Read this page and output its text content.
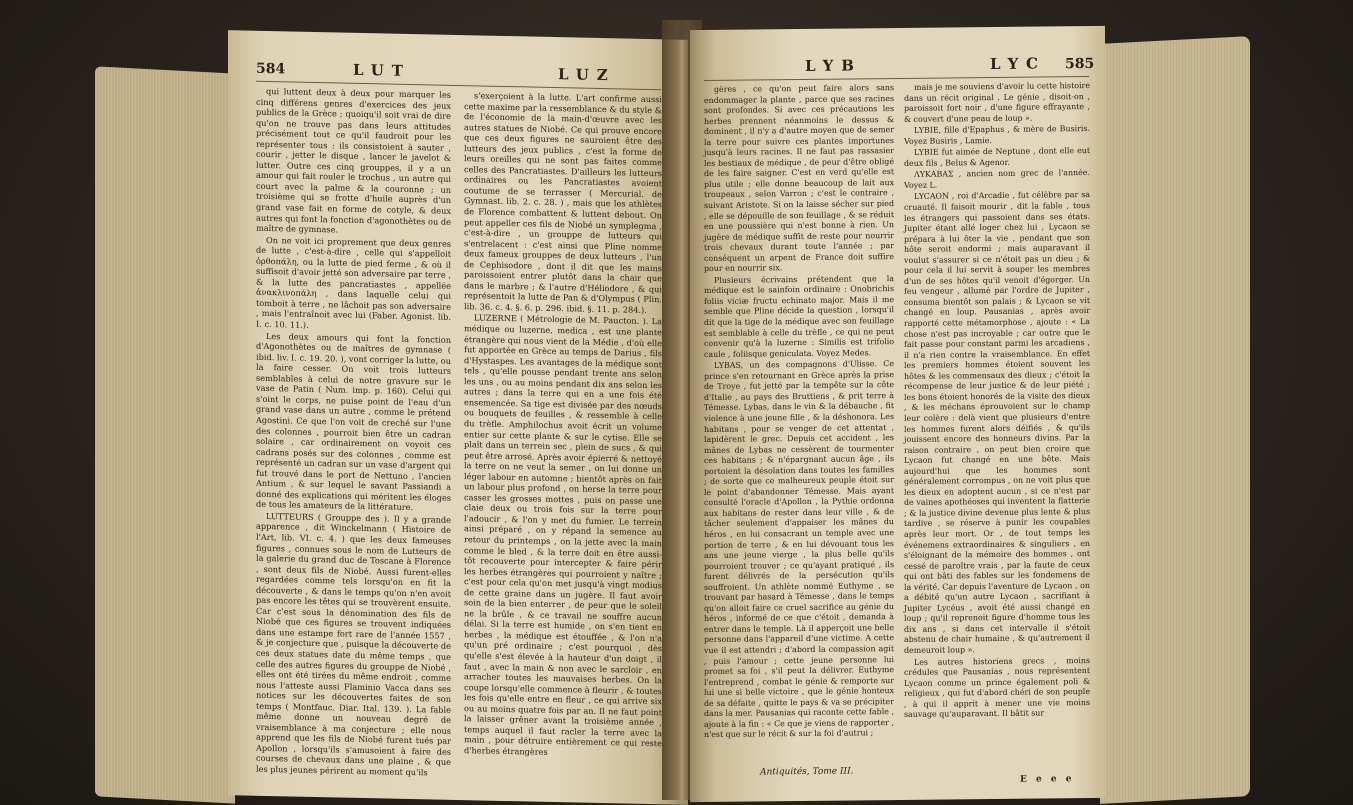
584	LUT	LUZ

qui luttent deux à deux pour marquer les cinq différens genres d'exercices des jeux publics de la Grèce ; quoiqu'il soit vrai de dire qu'on ne trouve pas dans leurs attitudes précisément tout ce qu'il faudroit pour les représenter tous : ils consistoient à sauter , courir , jetter le disque , lancer le javelot & lutter. Outre ces cinq grouppes, il y a un amour qui fait rouler le trochus , un autre qui court avec la palme & la couronne ; un troisième qui se frotte d'huile auprès d'un grand vase fait en forme de cotyle, & deux autres qui font la fonction d'agonothètes ou de maître de gymnase.

On ne voit ici proprement que deux genres de lutte , c'est-à-dire , celle qui s'appelloit ὀρθοπάλη, ou la lutte de pied ferme , & où il suffisoit d'avoir jetté son adversaire par terre , & la lutte des pancratiastes , appellée ἀνακλινοπάλη , dans laquelle celui qui tomboit à terre , ne lâchoit pas son adversaire , mais l'entraînoit avec lui (Faber. Agonist. lib. I. c. 10. 11.).

Les deux amours qui font la fonction d'Agonothètes ou de maîtres de gymnase ( ibid. liv. I. c. 19. 20. ), vont corriger la lutte, ou la faire cesser. On voit trois lutteurs semblables à celui de notre gravure sur le vase de Patin ( Num. imp. p. 160). Celui qui s'oint le corps, ne puise point de l'eau d'un grand vase dans un autre , comme le prétend Agostini. Ce que l'on voit de creché sur l'une des colonnes , pourroit bien être un cadran solaire , car ordinairement on voyoit ces cadrans posés sur des colonnes , comme est représenté un cadran sur un vase d'argent qui fut trouvé dans le port de Nettuno , l'ancien Antium , & sur lequel le savant Passiandi a donné des explications qui méritent les éloges de tous les amateurs de la littérature.

LUTTEURS ( Grouppe des ). Il y a grande apparence , dit Winckelmann ( Histoire de l'Art, lib. VI. c. 4. ) que les deux fameuses figures , connues sous le nom de Lutteurs de la galerie du grand duc de Toscane à Florence , sont deux fils de Niobé. Aussi furent-elles regardées comme tels lorsqu'on en fit la découverte , & dans le temps qu'on n'en avoit pas encore les têtes qui se trouvèrent ensuite. Car c'est sous la dénomination des fils de Niobé que ces figures se trouvent indiquées dans une estampe fort rare de l'année 1557 , & je conjecture que , puisque la découverte de ces deux statues date du même temps , que celle des autres figures du grouppe de Niobé , elles ont été tirées du même endroit , comme nous l'atteste aussi Flaminio Vacca dans ses notices sur les découvertes faites de son temps ( Montfauc. Diar. Ital. 139. ). La fable même donne un nouveau degré de vraisemblance à ma conjecture ; elle nous apprend que les fils de Niobé furent tués par Apollon , lorsqu'ils s'amusoient à faire des courses de chevaux dans une plaine , & que les plus jeunes périrent au moment qu'ils

s'exerçoient à la lutte. L'art confirme aussi cette maxime par la ressemblance & du style & de l'économie de la main-d'œuvre avec les autres statues de Niobé. Ce qui prouve encore que ces deux figures ne sauroient être des lutteurs des jeux publics , c'est la forme de leurs oreilles qui ne sont pas faites comme celles des Pancratiastes. D'ailleurs les lutteurs ordinaires ou les Pancratiastes avoient coutume de se terrasser ( Mercurial. de Gymnast. lib. 2. c. 28. ) , mais que les athlètes de Florence combattent & luttent debout. On peut appeller ces fils de Niobé un symplegma , c'est-à-dire , un grouppe de lutteurs qui s'entrelacent : c'est ainsi que Pline nomme deux fameux grouppes de deux lutteurs , l'un de Cephisodore , dont il dit que les mains paroissoient entrer plutôt dans la chair que dans le marbre ; & l'autre d'Héliodore , & qui représentoit la lutte de Pan & d'Olympus ( Plin. lib. 36. c. 4. §. 6. p. 296. ibid. §. 11. p. 284.).

LUZERNE ( Métrologie de M. Paucton. ). La médique ou luzerne, medica , est une plante étrangère qui nous vient de la Médie , d'où elle fut apportée en Grèce au temps de Darius , fils d'Hystaspes. Les avantages de la médique sont tels , qu'elle pousse pendant trente ans selon les uns , ou au moins pendant dix ans selon les autres ; dans la terre qui en a une fois été ensemencée. Sa tige est divisée par des nœuds ou bouquets de feuilles , & ressemble à celle du trèfle. Amphilochus avoit écrit un volume entier sur cette plante & sur le cytise. Elle se plaît dans un terrein sec , plein de sucs , & qui peut être arrosé. Après avoir épierré & nettoyé la terre on ne veut la semer , on lui donne un léger labour en automne ; bientôt après on fait un labour plus profond , on herse la terre pour casser les grosses mottes , puis on passe une claie deux ou trois fois sur la terre pour l'adoucir , & l'on y met du fumier. Le terrein ainsi préparé , on y répand la semence au retour du printemps , on la jette avec la main comme le bled , & la terre doit en être aussi-tôt recouverte pour intercepter & faire périr les herbes étrangères qui pourroient y naître ; c'est pour cela qu'on met jusqu'à vingt modius de cette graine dans un jugère. Il faut avoir soin de la bien enterrer , de peur que le soleil ne la brûle , & ce travail ne souffre aucun délai. Si la terre est humide , on s'en tient en herbes , la médique est étouffée , & l'on n'a qu'un pré ordinaire ; c'est pourquoi , dès qu'elle s'est élevée à la hauteur d'un doigt , il faut , avec la main & non avec le sarcloir , en arracher toutes les mauvaises herbes. On la coupe lorsqu'elle commence à fleurir , & toutes les fois qu'elle entre en fleur , ce qui arrive six ou au moins quatre fois par an. Il ne faut point la laisser grêner avant la troisième année , temps auquel il faut racler la terre avec la main , pour détruire entièrement ce qui reste d'herbes étrangères

LYB	LYC 585

gères , ce qu'on peut faire alors sans endommager la plante , parce que ses racines sont profondes. Si avec ces précautions les herbes prennent néanmoins le dessus & dominent , il n'y a d'autre moyen que de semer la terre pour suivre ces plantes importunes jusqu'à leurs racines. Il ne faut pas rassasier les bestiaux de médique , de peur d'être obligé de les faire saigner. C'est en verd qu'elle est plus utile ; elle donne beaucoup de lait aux troupeaux , selon Varron ; c'est le contraire , suivant Aristote. Si on la laisse sécher sur pied , elle se dépouille de son feuillage , & se réduit en une poussière qui n'est bonne à rien. Un jugère de médique suffit de reste pour nourrir trois chevaux durant toute l'année ; par conséquent un arpent de France doit suffire pour en nourrir six.

Plusieurs écrivains prétendent que la médique est le sainfoin ordinaire : Onobrichis foliis viciæ fructu echinato major. Mais il me semble que Pline décide la question , lorsqu'il dit que la tige de la médique avec son feuillage est semblable à celle du trèfle , ce qui ne peut convenir qu'à la luzerne : Similis est trifolio caule , foliisque geniculata. Voyez Medes.

LYBAS, un des compagnons d'Ulisse. Ce prince s'en retournant en Grèce après la prise de Troye , fut jetté par la tempête sur la côte d'Italie , au pays des Bruttiens , & prit terre à Témesse. Lybas, dans le vin & la débauche , fit violence à une jeune fille , & la déshonora. Les habitans , pour se venger de cet attentat , lapidèrent le grec. Depuis cet accident , les mânes de Lybas ne cessèrent de tourmenter ces habitans ; & n'épargnant aucun âge , ils portoient la désolation dans toutes les familles ; de sorte que ce malheureux peuple étoit sur le point d'abandonner Témesse. Mais ayant consulté l'oracle d'Apollon , la Pythie ordonna aux habitans de rester dans leur ville , & de tâcher seulement d'appaiser les mânes du héros , en lui consacrant un temple avec une portion de terre , & en lui dévouant tous les ans une jeune vierge , la plus belle qu'ils pourroient trouver ; ce qu'ayant pratiqué , ils furent délivrés de la persécution qu'ils souffroient. Un athlète nommé Euthyme , se trouvant par hasard à Témesse , dans le temps qu'on alloit faire ce cruel sacrifice au génie du héros , informé de ce que c'étoit , demanda à entrer dans le temple. Là il apperçoit une belle personne dans l'appareil d'une victime. A cette vue il est attendri ; d'abord la compassion agit , puis l'amour ; cette jeune personne lui promet sa foi , s'il peut la délivrer. Euthyme l'entreprend , combat le génie & remporte sur lui une si belle victoire , que le génie honteux de sa défaite , quitte le pays & va se précipiter dans la mer. Pausanias qui raconte cette fable , ajoute à la fin : « Ce que je viens de rapporter , n'est que sur le récit & sur la foi d'autrui ;

mais je me souviens d'avoir lu cette histoire dans un récit original . Le génie , disoit-on , paroissoit fort noir , d'une figure effrayante , & couvert d'une peau de loup ».

LYBIE, fille d'Epaphus , & mère de Busiris. Voyez Busiris , Lamie.

LYBIE fut aimée de Neptune , dont elle eut deux fils , Belus & Agenor.

ΛΥΚΑΒΑΣ , ancien nom grec de l'année. Voyez L.

LYCAON , roi d'Arcadie , fut célèbre par sa cruauté. Il faisoit mourir , dit la fable , tous les étrangers qui passoient dans ses états. Jupiter étant allé loger chez lui , Lycaon se prépara à lui ôter la vie , pendant que son hôte seroit endormi ; mais auparavant il voulut s'assurer si ce n'étoit pas un dieu ; & pour cela il lui servit à souper les membres d'un de ses hôtes qu'il venoit d'égorger. Un feu vengeur , allumé par l'ordre de Jupiter , consuma bientôt son palais ; & Lycaon se vit changé en loup. Pausanias , après avoir rapporté cette métamorphose , ajoute : « La chose n'est pas incroyable ; car outre que le fait passe pour constant parmi les arcadiens , il n'a rien contre la vraisemblance. En effet les premiers hommes étoient souvent les hôtes & les commensaux des dieux ; c'étoit la récompense de leur justice & de leur piété ; les bons étoient honorés de la visite des dieux , & les méchans éprouvoient sur le champ leur colère : delà vient que plusieurs d'entre les hommes furent alors déifiés , & qu'ils jouissent encore des honneurs divins. Par la raison contraire , on peut bien croire que Lycaon fut changé en une bête. Mais aujourd'hui que les hommes sont généralement corrompus , on ne voit plus que les dieux en adoptent aucun , si ce n'est par de vaines apothéoses qui inventent la flatterie ; & la justice divine devenue plus lente & plus tardive , se réserve à punir les coupables après leur mort. Or , de tout temps les événemens extraordinaires & singuliers , en s'éloignant de la mémoire des hommes , ont cessé de paroître vrais , par la faute de ceux qui ont bâti des fables sur les fondemens de la vérité. Car depuis l'aventure de Lycaon , on a débité qu'un autre Lycaon , sacrifiant à Jupiter Lycéus , avoit été aussi changé en loup ; qu'il reprenoit figure d'homme tous les dix ans , si dans cet intervalle il s'étoit abstenu de chair humaine , & qu'autrement il demeuroit loup ».

Les autres historiens grecs , moins crédules que Pausanias , nous représentent Lycaon comme un prince également poli & religieux , qui fut d'abord chéri de son peuple , à qui il apprit à mener une vie moins sauvage qu'auparavant. Il bâtit sur

Antiquités, Tome III.
E e e e
